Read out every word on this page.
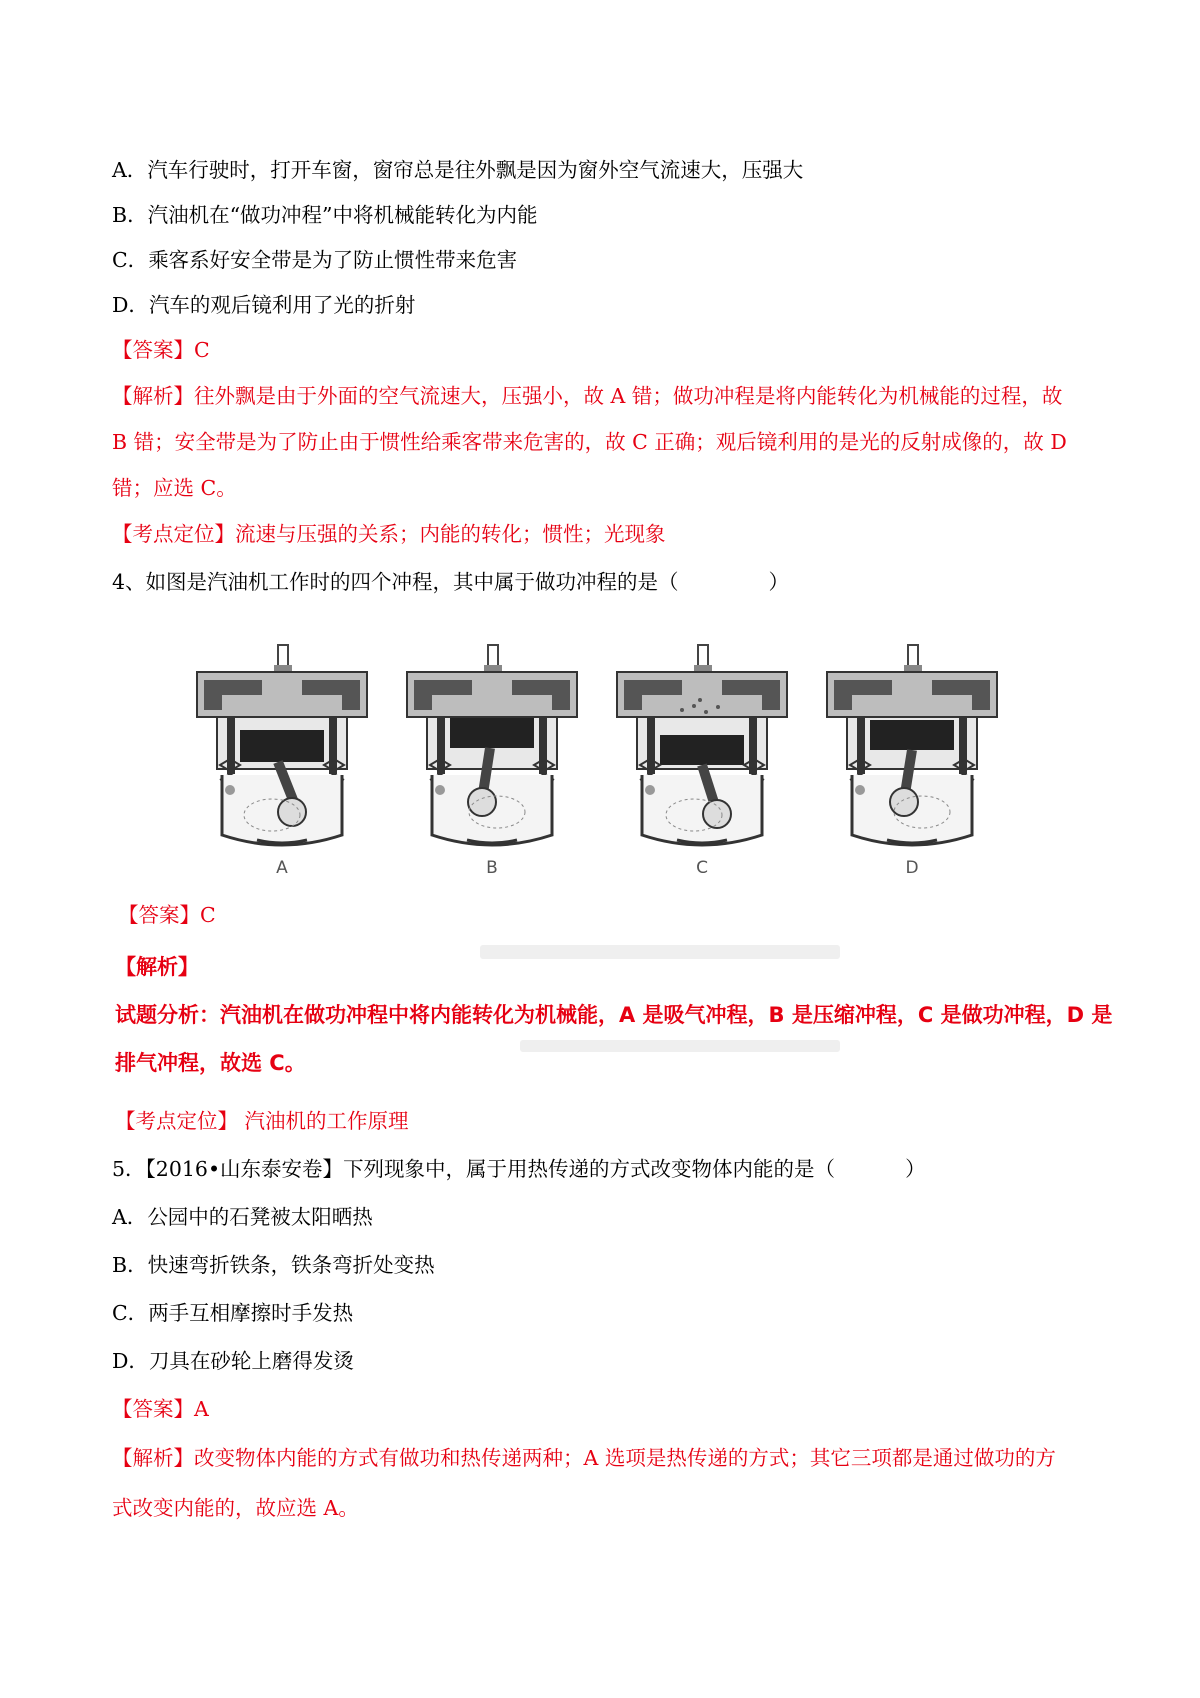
A．汽车行驶时，打开车窗，窗帘总是往外飘是因为窗外空气流速大，压强大
B．汽油机在“做功冲程”中将机械能转化为内能
C．乘客系好安全带是为了防止惯性带来危害
D．汽车的观后镜利用了光的折射
【答案】C
【解析】往外飘是由于外面的空气流速大，压强小，故 A 错；做功冲程是将内能转化为机械能的过程，故
B 错；安全带是为了防止由于惯性给乘客带来危害的，故 C 正确；观后镜利用的是光的反射成像的，故 D
错；应选 C。
【考点定位】流速与压强的关系；内能的转化；惯性；光现象
4、如图是汽油机工作时的四个冲程，其中属于做功冲程的是（	）
A	B	C	D
【答案】C
【解析】
试题分析：汽油机在做功冲程中将内能转化为机械能，A 是吸气冲程，B 是压缩冲程，C 是做功冲程，D 是
排气冲程，故选 C。
【考点定位】 汽油机的工作原理
5．【2016•山东泰安卷】下列现象中，属于用热传递的方式改变物体内能的是（	）
A．公园中的石凳被太阳晒热
B．快速弯折铁条，铁条弯折处变热
C．两手互相摩擦时手发热
D．刀具在砂轮上磨得发烫
【答案】A
【解析】改变物体内能的方式有做功和热传递两种；A 选项是热传递的方式；其它三项都是通过做功的方
式改变内能的，故应选 A。
